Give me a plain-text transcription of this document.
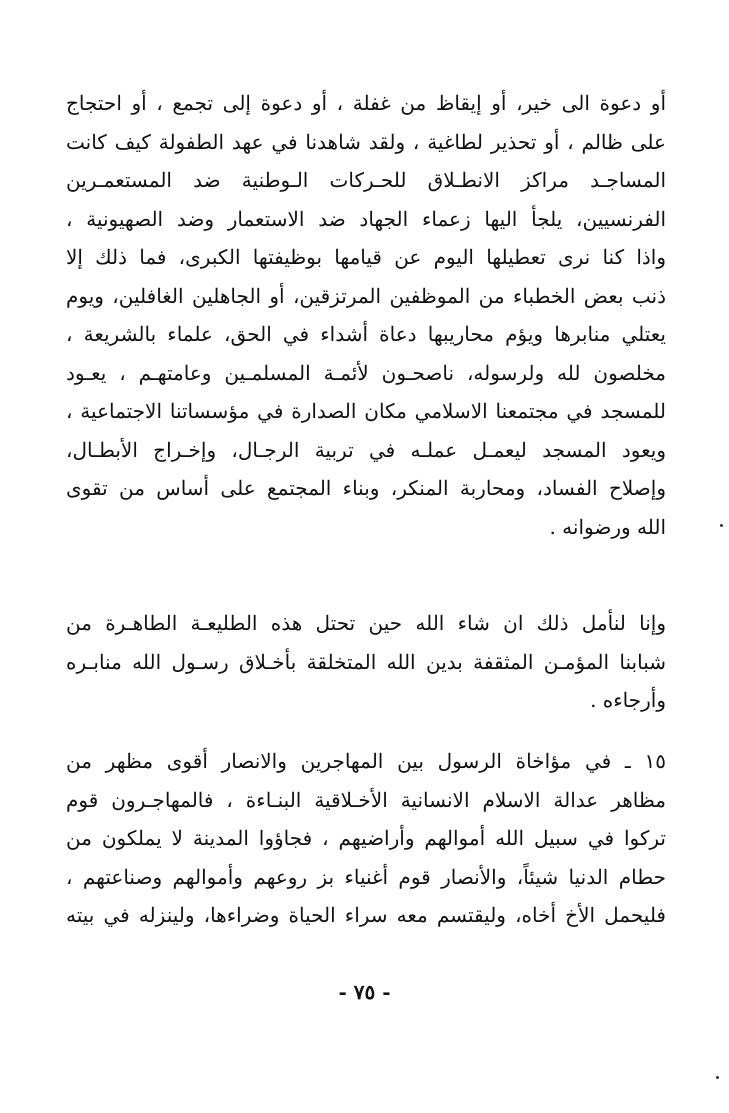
أو دعوة الى خير، أو إيقاظ من غفلة ، أو دعوة إلى تجمع ، أو احتجاج
على ظالم ، أو تحذير لطاغية ، ولقد شاهدنا في عهد الطفولة كيف كانت
المساجـد مراكز الانطـلاق للحـركات الـوطنية ضد المستعمـرين
الفرنسيين، يلجأ اليها زعماء الجهاد ضد الاستعمار وضد الصهيونية ،
واذا كنا نرى تعطيلها اليوم عن قيامها بوظيفتها الكبرى، فما ذلك إلا
ذنب بعض الخطباء من الموظفين المرتزقين، أو الجاهلين الغافلين، ويوم
يعتلي منابرها ويؤم محاريبها دعاة أشداء في الحق، علماء بالشريعة ،
مخلصون لله ولرسوله، ناصحـون لأئمـة المسلمـين وعامتهـم ، يعـود
للمسجد في مجتمعنا الاسلامي مكان الصدارة في مؤسساتنا الاجتماعية ،
ويعود المسجد ليعمـل عملـه في تربية الرجـال، وإخـراج الأبطـال،
وإصلاح الفساد، ومحاربة المنكر، وبناء المجتمع على أساس من تقوى
الله ورضوانه .
وإنا لنأمل ذلك ان شاء الله حين تحتل هذه الطليعـة الطاهـرة من
شبابنا المؤمـن المثقفة بدين الله المتخلقة بأخـلاق رسـول الله منابـره
وأرجاءه .
١٥ ـ في مؤاخاة الرسول بين المهاجرين والانصار أقوى مظهر من
مظاهر عدالة الاسلام الانسانية الأخـلاقية البنـاءة ، فالمهاجـرون قوم
تركوا في سبيل الله أموالهم وأراضيهم ، فجاؤوا المدينة لا يملكون من
حطام الدنيا شيئاً، والأنصار قوم أغنياء بز روعهم وأموالهم وصناعتهم ،
فليحمل الأخ أخاه، وليقتسم معه سراء الحياة وضراءها، ولينزله في بيته
- ٧٥ -
